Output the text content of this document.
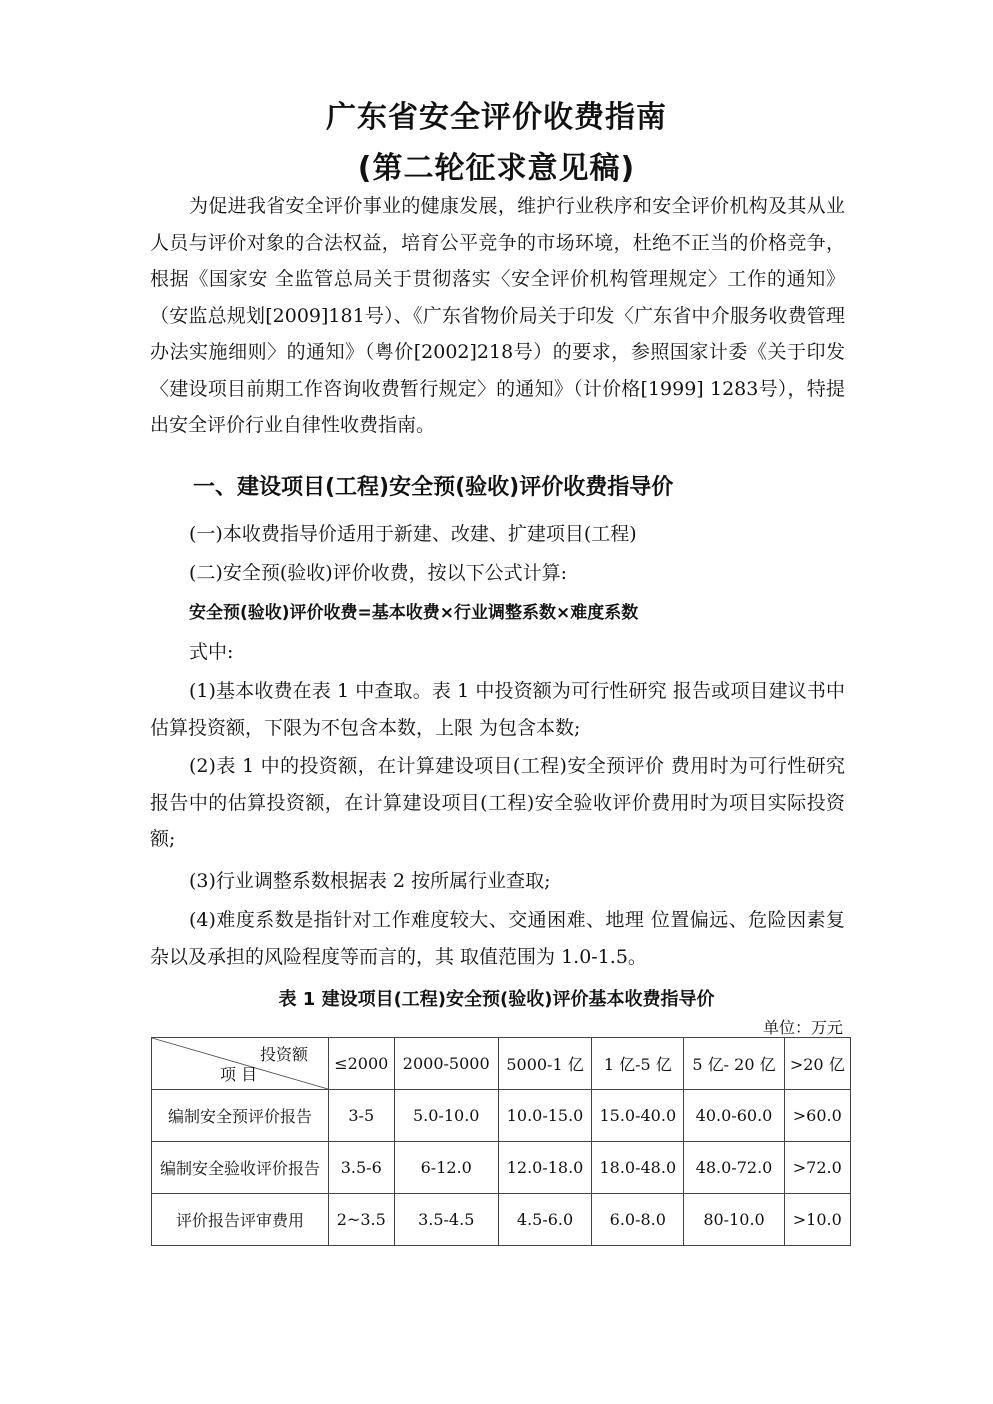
广东省安全评价收费指南
(第二轮征求意见稿)

为促进我省安全评价事业的健康发展，维护行业秩序和安全评价机构及其从业人员与评价对象的合法权益，培育公平竞争的市场环境，杜绝不正当的价格竞争，根据《国家安 全监管总局关于贯彻落实〈安全评价机构管理规定〉工作的通知》（安监总规划[2009]181号）、《广东省物价局关于印发〈广东省中介服务收费管理办法实施细则〉的通知》（粤价[2002]218号）的要求，参照国家计委《关于印发〈建设项目前期工作咨询收费暂行规定〉的通知》（计价格[1999] 1283号），特提出安全评价行业自律性收费指南。

一、建设项目(工程)安全预(验收)评价收费指导价

(一)本收费指导价适用于新建、改建、扩建项目(工程)

(二)安全预(验收)评价收费，按以下公式计算:

安全预(验收)评价收费=基本收费×行业调整系数×难度系数

式中:

(1)基本收费在表 1 中查取。表 1 中投资额为可行性研究 报告或项目建议书中估算投资额，下限为不包含本数，上限 为包含本数;

(2)表 1 中的投资额，在计算建设项目(工程)安全预评价 费用时为可行性研究报告中的估算投资额，在计算建设项目(工程)安全验收评价费用时为项目实际投资额;

(3)行业调整系数根据表 2 按所属行业查取;

(4)难度系数是指针对工作难度较大、交通困难、地理 位置偏远、危险因素复杂以及承担的风险程度等而言的，其 取值范围为 1.0-1.5。

表 1 建设项目(工程)安全预(验收)评价基本收费指导价
单位：万元
投资额
项 目	≤2000	2000-5000	5000-1 亿	1 亿-5 亿	5 亿- 20 亿	>20 亿
编制安全预评价报告	3-5	5.0-10.0	10.0-15.0	15.0-40.0	40.0-60.0	>60.0
编制安全验收评价报告	3.5-6	6-12.0	12.0-18.0	18.0-48.0	48.0-72.0	>72.0
评价报告评审费用	2~3.5	3.5-4.5	4.5-6.0	6.0-8.0	80-10.0	>10.0
